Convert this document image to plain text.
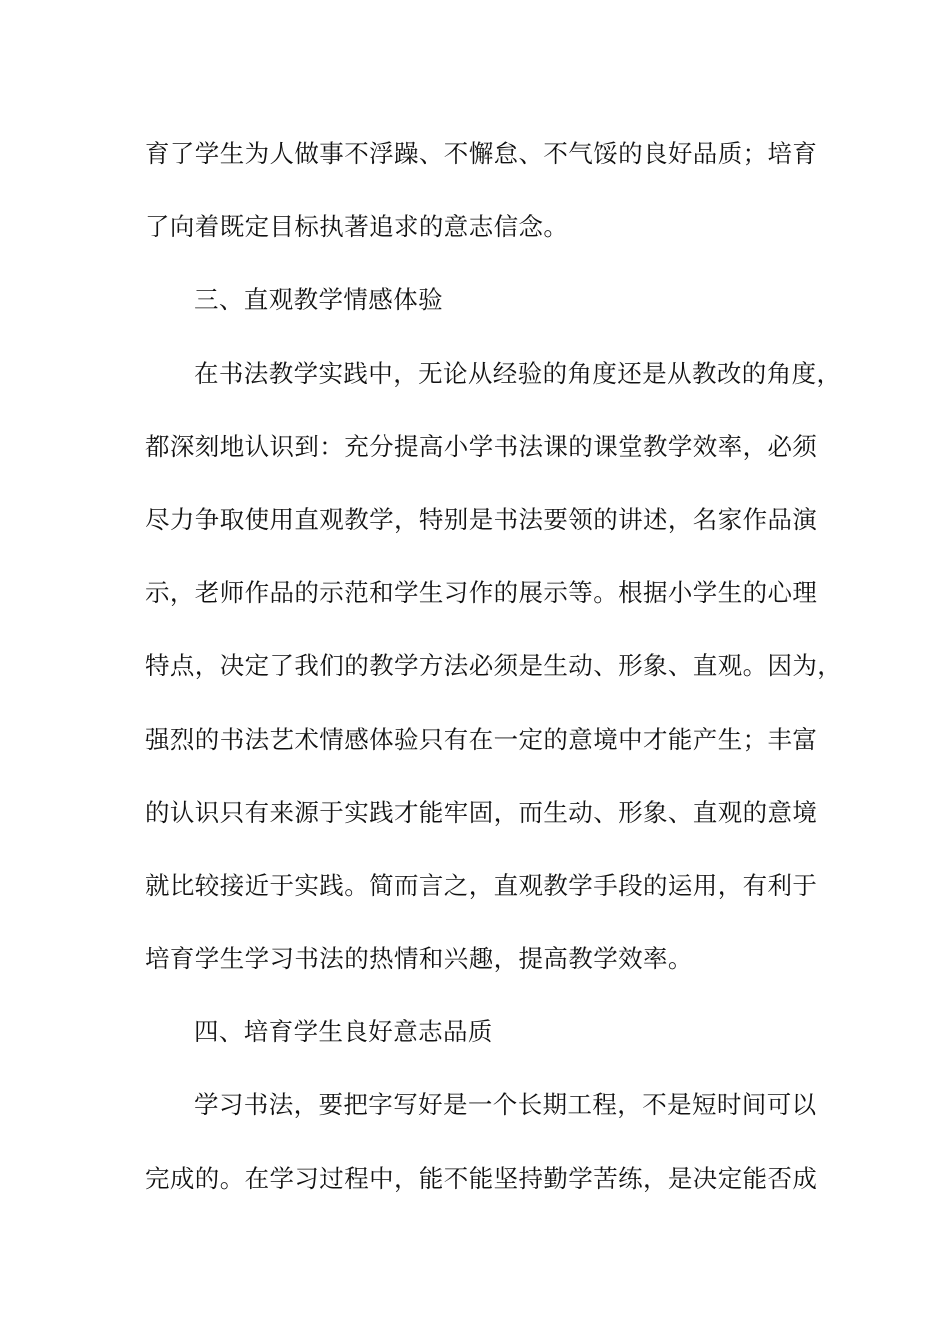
育了学生为人做事不浮躁、不懈怠、不气馁的良好品质；培育
了向着既定目标执著追求的意志信念。
三、直观教学情感体验
在书法教学实践中，无论从经验的角度还是从教改的角度，
都深刻地认识到：充分提高小学书法课的课堂教学效率，必须
尽力争取使用直观教学，特别是书法要领的讲述，名家作品演
示，老师作品的示范和学生习作的展示等。根据小学生的心理
特点，决定了我们的教学方法必须是生动、形象、直观。因为，
强烈的书法艺术情感体验只有在一定的意境中才能产生；丰富
的认识只有来源于实践才能牢固，而生动、形象、直观的意境
就比较接近于实践。简而言之，直观教学手段的运用，有利于
培育学生学习书法的热情和兴趣，提高教学效率。
四、培育学生良好意志品质
学习书法，要把字写好是一个长期工程，不是短时间可以
完成的。在学习过程中，能不能坚持勤学苦练，是决定能否成
